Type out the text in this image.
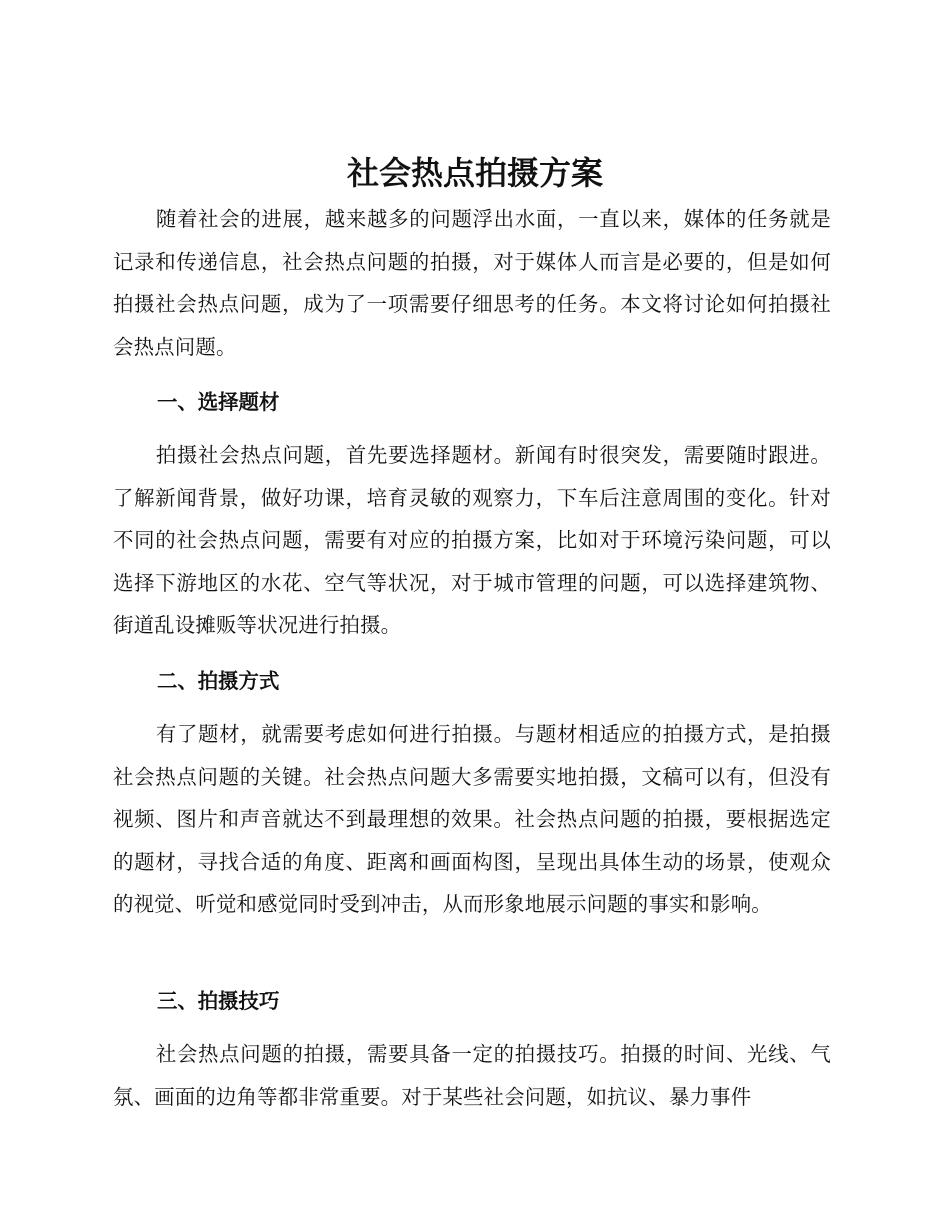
社会热点拍摄方案

随着社会的进展，越来越多的问题浮出水面，一直以来，媒体的任务就是记录和传递信息，社会热点问题的拍摄，对于媒体人而言是必要的，但是如何拍摄社会热点问题，成为了一项需要仔细思考的任务。本文将讨论如何拍摄社会热点问题。

一、选择题材

拍摄社会热点问题，首先要选择题材。新闻有时很突发，需要随时跟进。了解新闻背景，做好功课，培育灵敏的观察力，下车后注意周围的变化。针对不同的社会热点问题，需要有对应的拍摄方案，比如对于环境污染问题，可以选择下游地区的水花、空气等状况，对于城市管理的问题，可以选择建筑物、街道乱设摊贩等状况进行拍摄。

二、拍摄方式

有了题材，就需要考虑如何进行拍摄。与题材相适应的拍摄方式，是拍摄社会热点问题的关键。社会热点问题大多需要实地拍摄，文稿可以有，但没有视频、图片和声音就达不到最理想的效果。社会热点问题的拍摄，要根据选定的题材，寻找合适的角度、距离和画面构图，呈现出具体生动的场景，使观众的视觉、听觉和感觉同时受到冲击，从而形象地展示问题的事实和影响。

三、拍摄技巧

社会热点问题的拍摄，需要具备一定的拍摄技巧。拍摄的时间、光线、气氛、画面的边角等都非常重要。对于某些社会问题，如抗议、暴力事件
